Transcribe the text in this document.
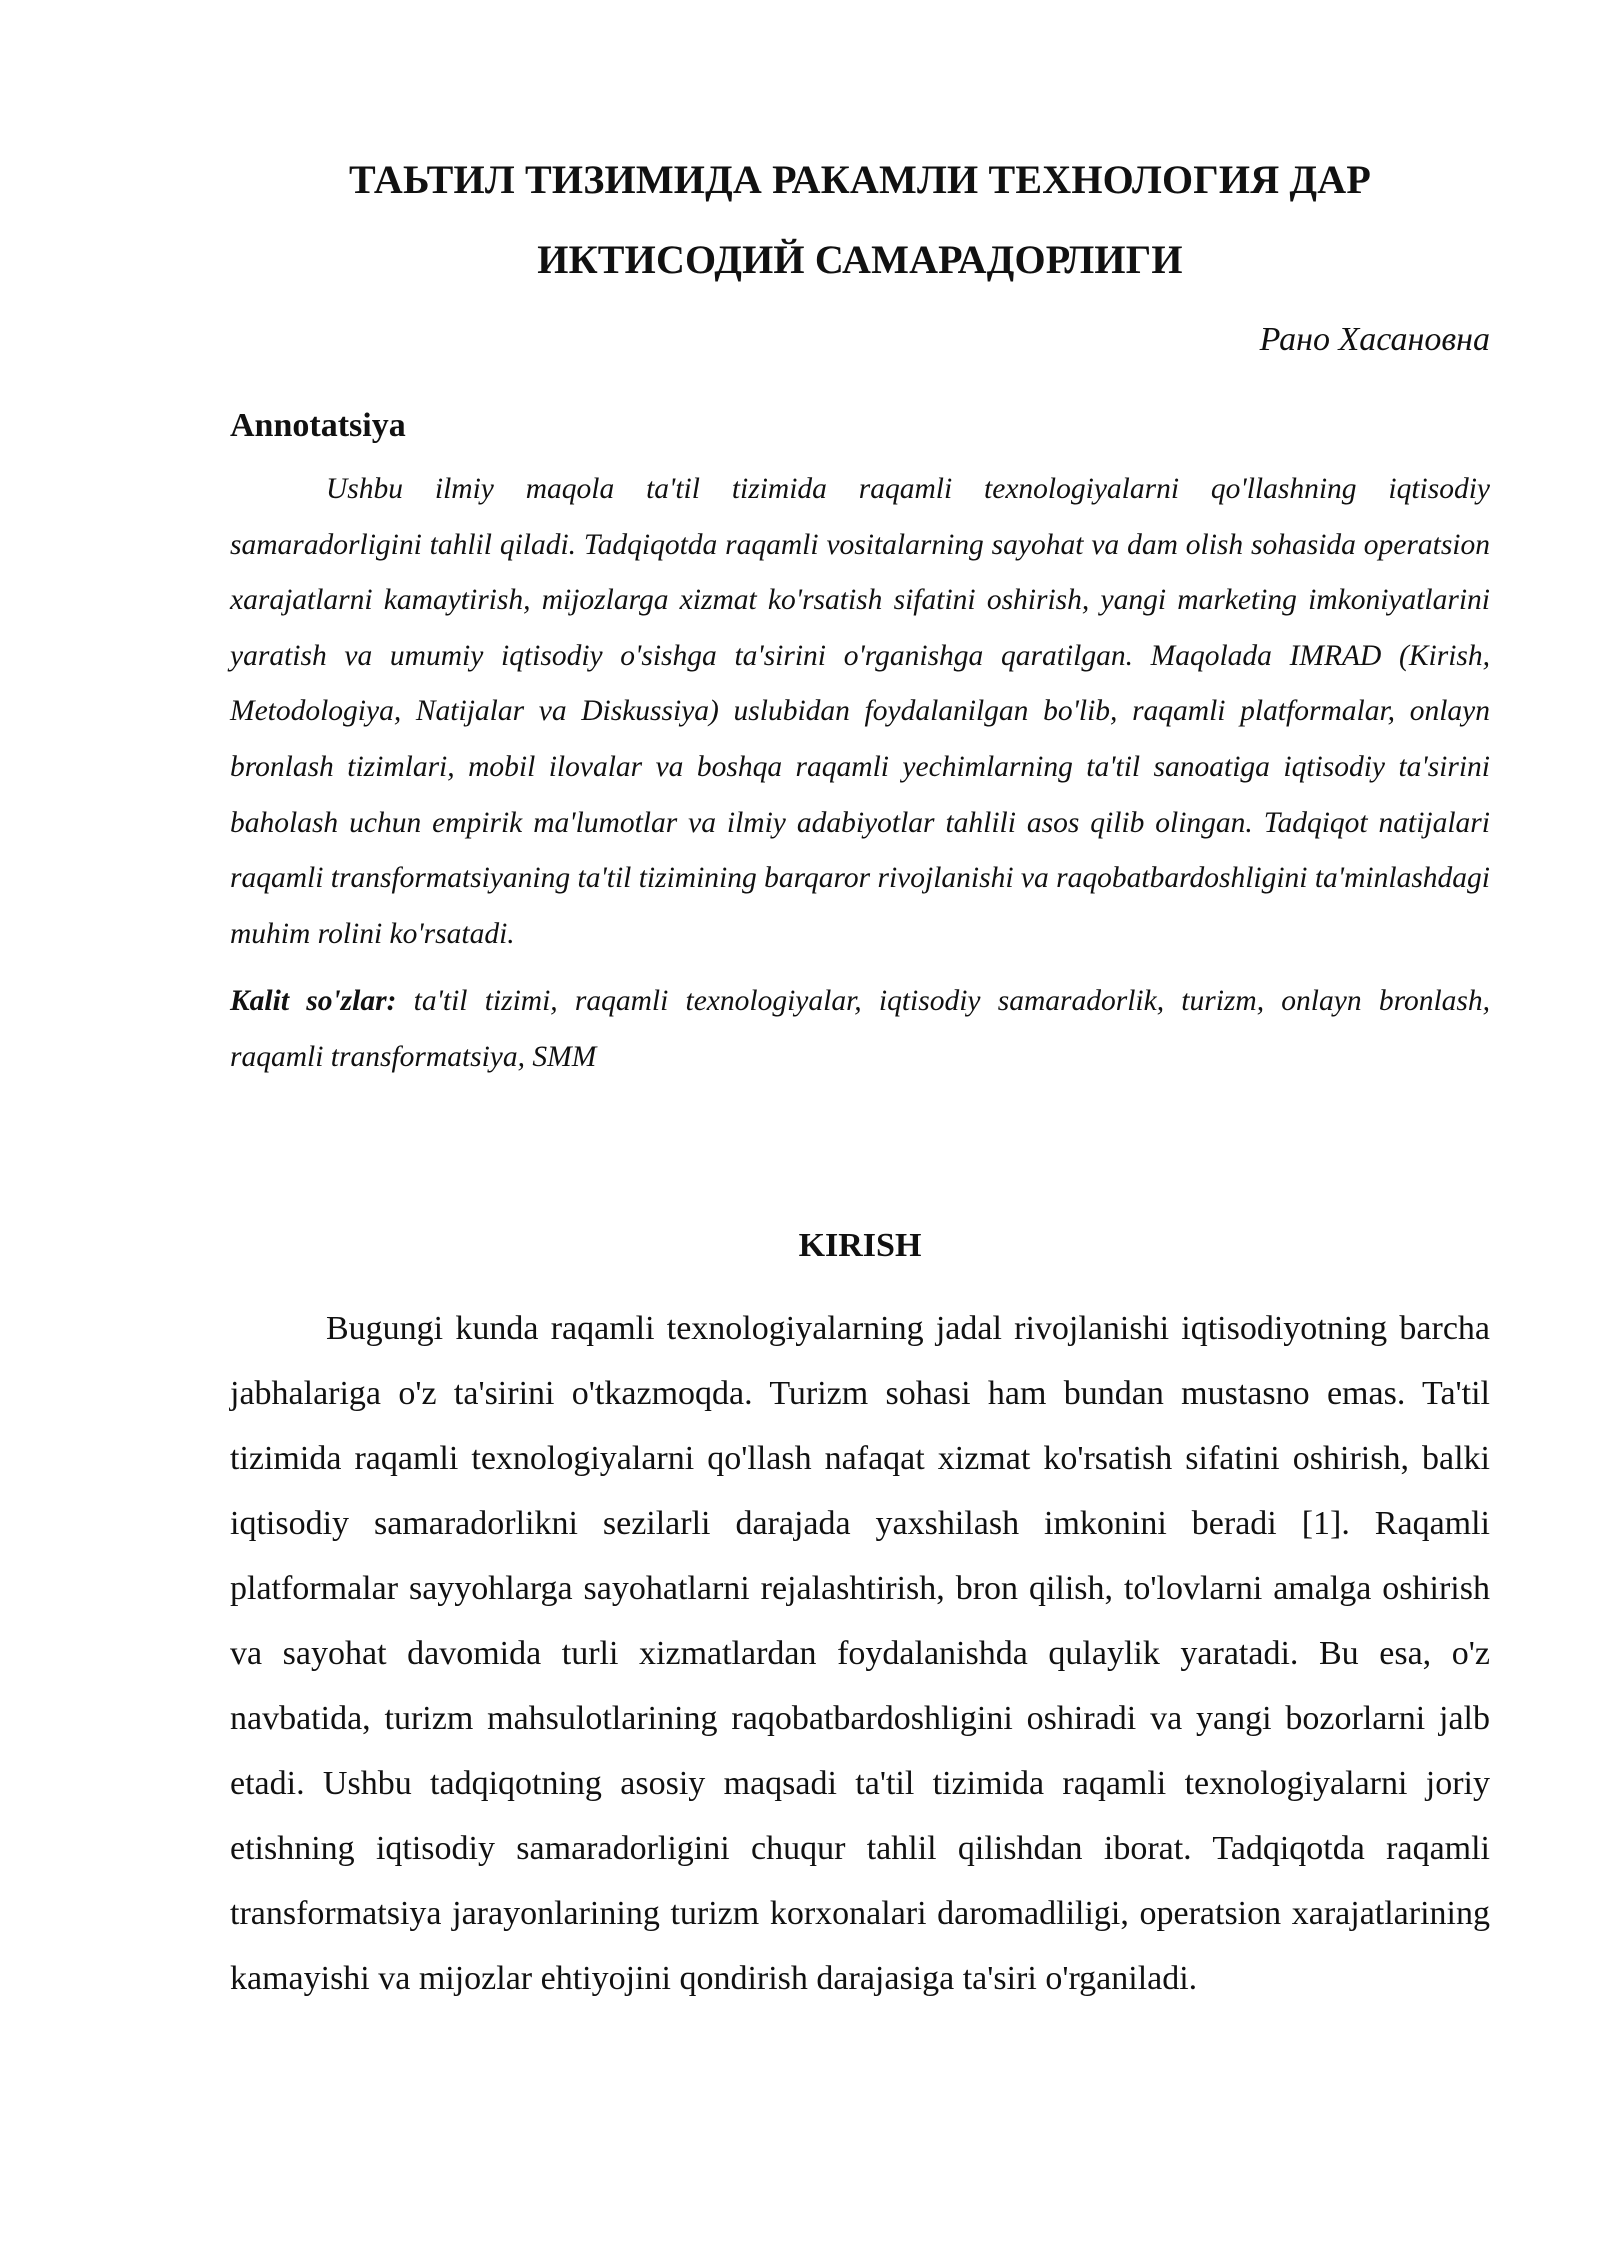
ТАЬТИЛ ТИЗИМИДА РАКАМЛИ ТЕХНОЛОГИЯ ДАР

ИКТИСОДИЙ САМАРАДОРЛИГИ

Рано Хасановна

Annotatsiya

Ushbu ilmiy maqola ta'til tizimida raqamli texnologiyalarni qo'llashning iqtisodiy samaradorligini tahlil qiladi. Tadqiqotda raqamli vositalarning sayohat va dam olish sohasida operatsion xarajatlarni kamaytirish, mijozlarga xizmat ko'rsatish sifatini oshirish, yangi marketing imkoniyatlarini yaratish va umumiy iqtisodiy o'sishga ta'sirini o'rganishga qaratilgan. Maqolada IMRAD (Kirish, Metodologiya, Natijalar va Diskussiya) uslubidan foydalanilgan bo'lib, raqamli platformalar, onlayn bronlash tizimlari, mobil ilovalar va boshqa raqamli yechimlarning ta'til sanoatiga iqtisodiy ta'sirini baholash uchun empirik ma'lumotlar va ilmiy adabiyotlar tahlili asos qilib olingan. Tadqiqot natijalari raqamli transformatsiyaning ta'til tizimining barqaror rivojlanishi va raqobatbardoshligini ta'minlashdagi muhim rolini ko'rsatadi.

Kalit so'zlar: ta'til tizimi, raqamli texnologiyalar, iqtisodiy samaradorlik, turizm, onlayn bronlash, raqamli transformatsiya, SMM

KIRISH

Bugungi kunda raqamli texnologiyalarning jadal rivojlanishi iqtisodiyotning barcha jabhalariga o'z ta'sirini o'tkazmoqda. Turizm sohasi ham bundan mustasno emas. Ta'til tizimida raqamli texnologiyalarni qo'llash nafaqat xizmat ko'rsatish sifatini oshirish, balki iqtisodiy samaradorlikni sezilarli darajada yaxshilash imkonini beradi [1]. Raqamli platformalar sayyohlarga sayohatlarni rejalashtirish, bron qilish, to'lovlarni amalga oshirish va sayohat davomida turli xizmatlardan foydalanishda qulaylik yaratadi. Bu esa, o'z navbatida, turizm mahsulotlarining raqobatbardoshligini oshiradi va yangi bozorlarni jalb etadi. Ushbu tadqiqotning asosiy maqsadi ta'til tizimida raqamli texnologiyalarni joriy etishning iqtisodiy samaradorligini chuqur tahlil qilishdan iborat. Tadqiqotda raqamli transformatsiya jarayonlarining turizm korxonalari daromadliligi, operatsion xarajatlarining kamayishi va mijozlar ehtiyojini qondirish darajasiga ta'siri o'rganiladi.
